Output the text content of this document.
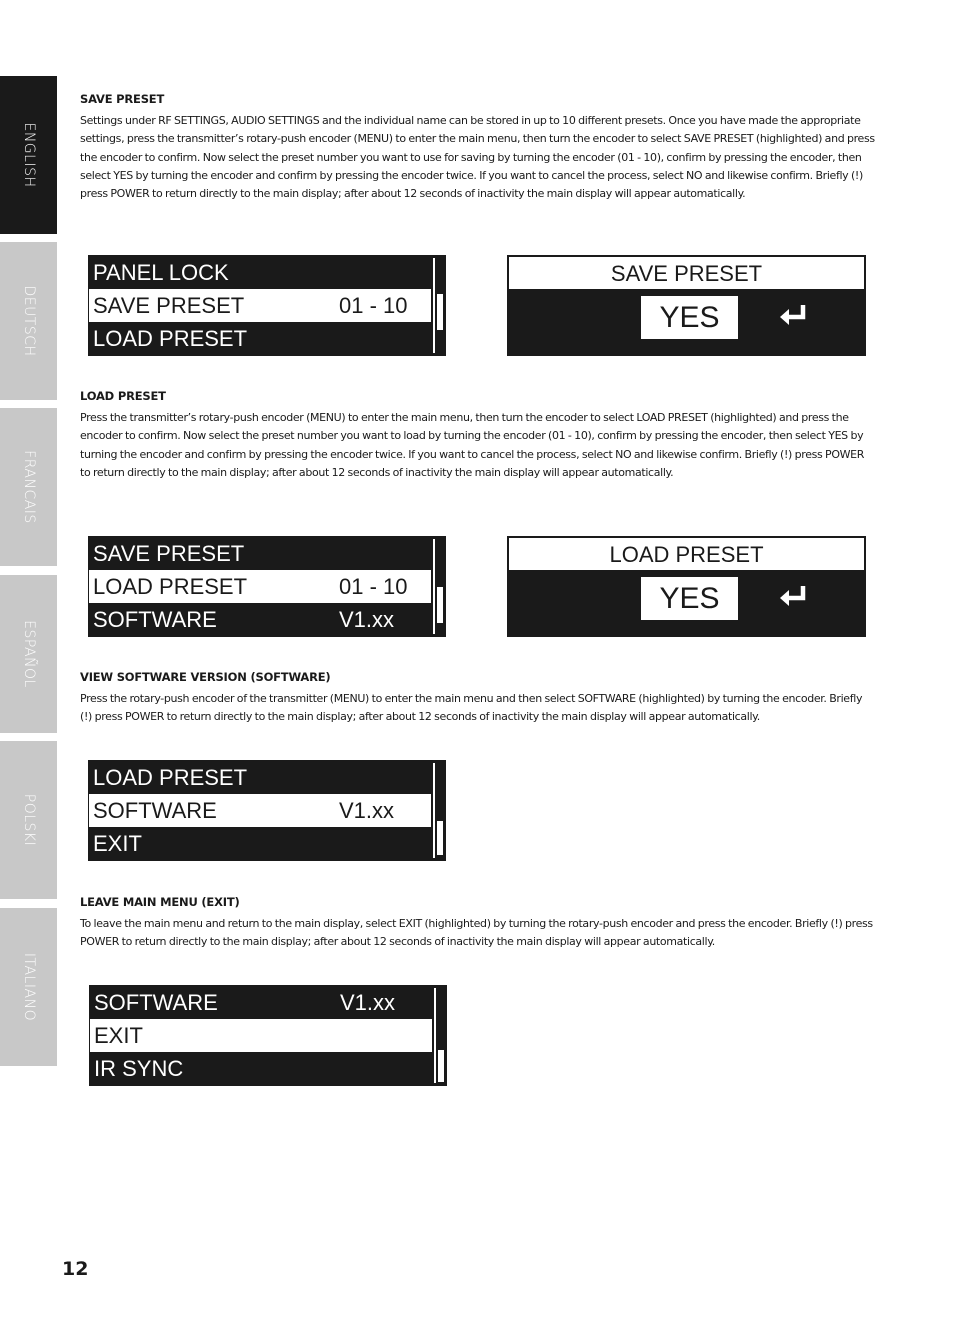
ENGLISH
DEUTSCH
FRANCAIS
ESPAÑOL
POLSKI
ITALIANO

SAVE PRESET

Settings under RF SETTINGS, AUDIO SETTINGS and the individual name can be stored in up to 10 different presets. Once you have made the appropriate settings, press the transmitter’s rotary-push encoder (MENU) to enter the main menu, then turn the encoder to select SAVE PRESET (highlighted) and press the encoder to confirm. Now select the preset number you want to use for saving by turning the encoder (01 - 10), confirm by pressing the encoder, then select YES by turning the encoder and confirm by pressing the encoder twice. If you want to cancel the process, select NO and likewise confirm. Briefly (!) press POWER to return directly to the main display; after about 12 seconds of inactivity the main display will appear automatically.

PANEL LOCK
SAVE PRESET	01 - 10
LOAD PRESET
SAVE PRESET
YES

LOAD PRESET

Press the transmitter’s rotary-push encoder (MENU) to enter the main menu, then turn the encoder to select LOAD PRESET (highlighted) and press the encoder to confirm. Now select the preset number you want to load by turning the encoder (01 - 10), confirm by pressing the encoder, then select YES by turning the encoder and confirm by pressing the encoder twice. If you want to cancel the process, select NO and likewise confirm. Briefly (!) press POWER to return directly to the main display; after about 12 seconds of inactivity the main display will appear automatically.

SAVE PRESET
LOAD PRESET	01 - 10
SOFTWARE	V1.xx
LOAD PRESET
YES

VIEW SOFTWARE VERSION (SOFTWARE)

Press the rotary-push encoder of the transmitter (MENU) to enter the main menu and then select SOFTWARE (highlighted) by turning the encoder. Briefly (!) press POWER to return directly to the main display; after about 12 seconds of inactivity the main display will appear automatically.

LOAD PRESET
SOFTWARE	V1.xx
EXIT

LEAVE MAIN MENU (EXIT)

To leave the main menu and return to the main display, select EXIT (highlighted) by turning the rotary-push encoder and press the encoder. Briefly (!) press POWER to return directly to the main display; after about 12 seconds of inactivity the main display will appear automatically.

SOFTWARE	V1.xx
EXIT
IR SYNC
12
